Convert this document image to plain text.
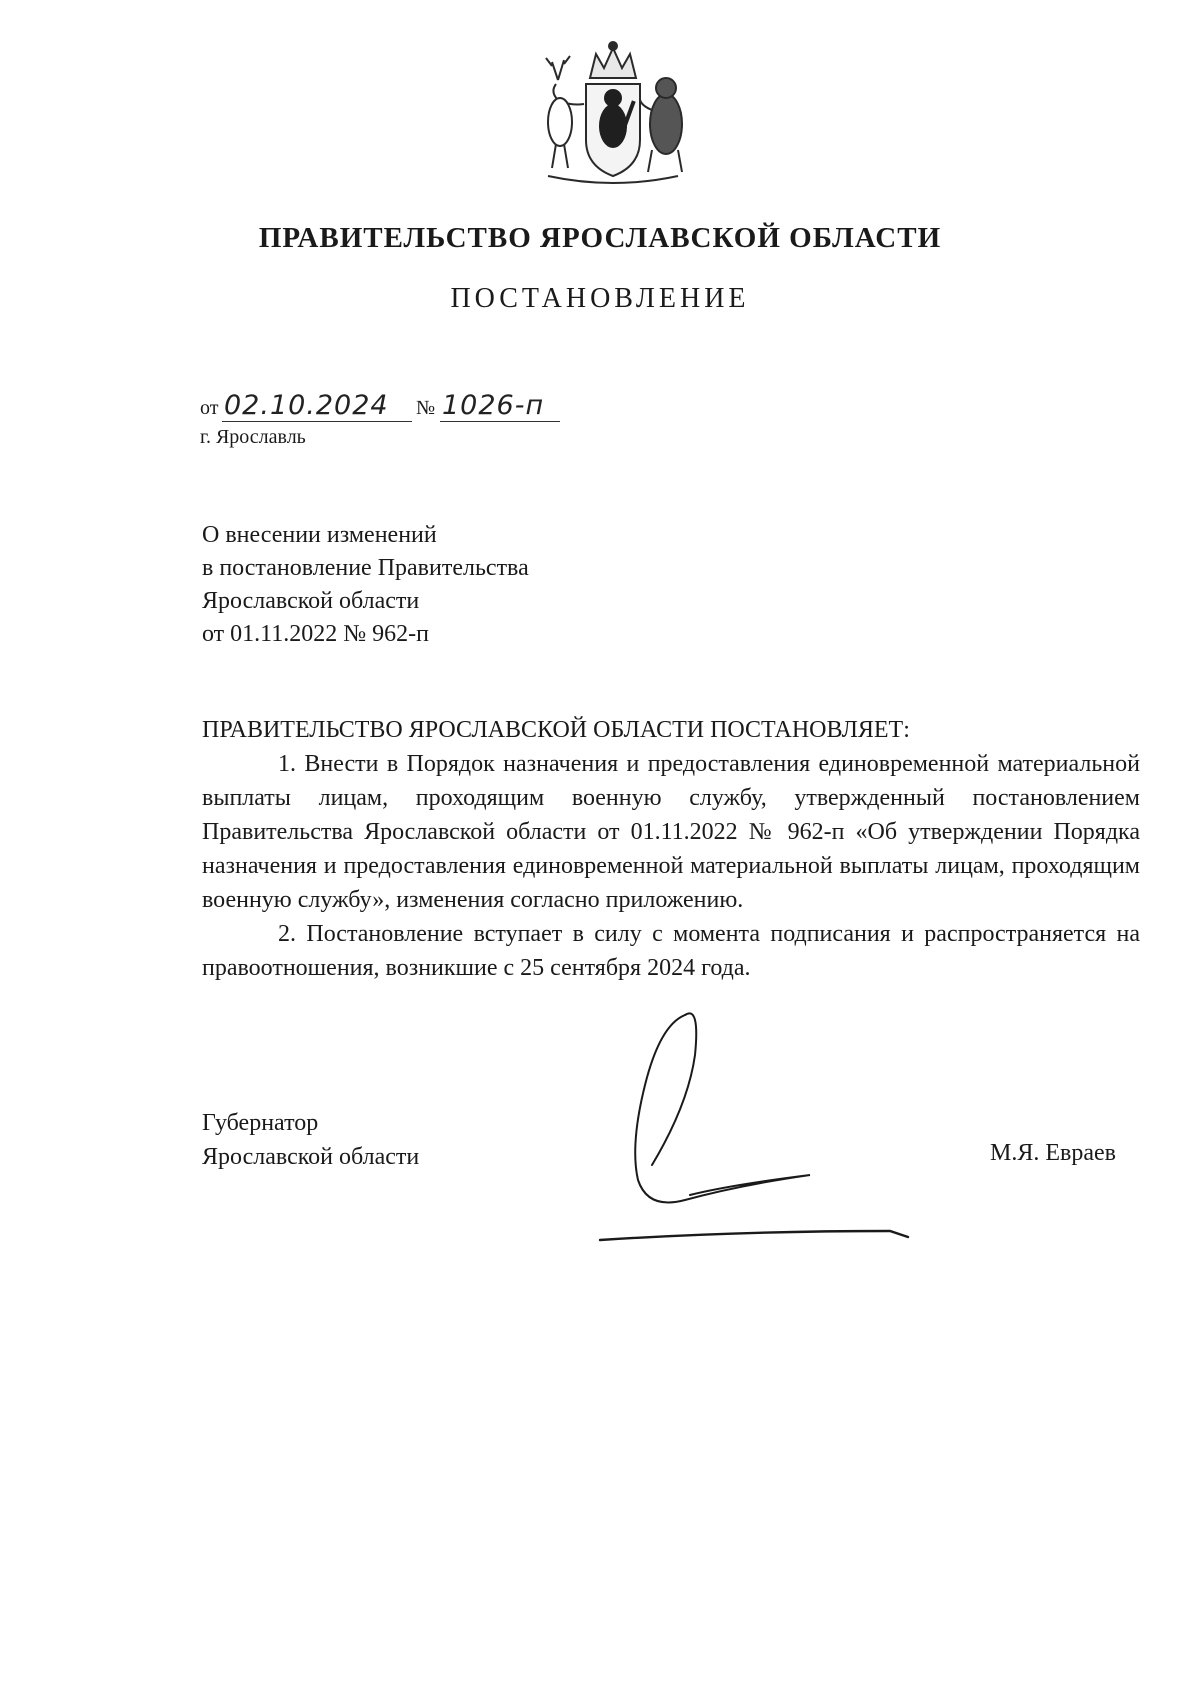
ПРАВИТЕЛЬСТВО ЯРОСЛАВСКОЙ ОБЛАСТИ
ПОСТАНОВЛЕНИЕ
от 02.10.2024	№ 1026-п
г. Ярославль
О внесении изменений
в постановление Правительства
Ярославской области
от 01.11.2022 № 962-п
ПРАВИТЕЛЬСТВО ЯРОСЛАВСКОЙ ОБЛАСТИ ПОСТАНОВЛЯЕТ:

1. Внести в Порядок назначения и предоставления единовременной материальной выплаты лицам, проходящим военную службу, утвержденный постановлением Правительства Ярославской области от 01.11.2022 № 962-п «Об утверждении Порядка назначения и предоставления единовременной материальной выплаты лицам, проходящим военную службу», изменения согласно приложению.

2. Постановление вступает в силу с момента подписания и распространяется на правоотношения, возникшие с 25 сентября 2024 года.

Губернатор
Ярославской области	М.Я. Евраев
